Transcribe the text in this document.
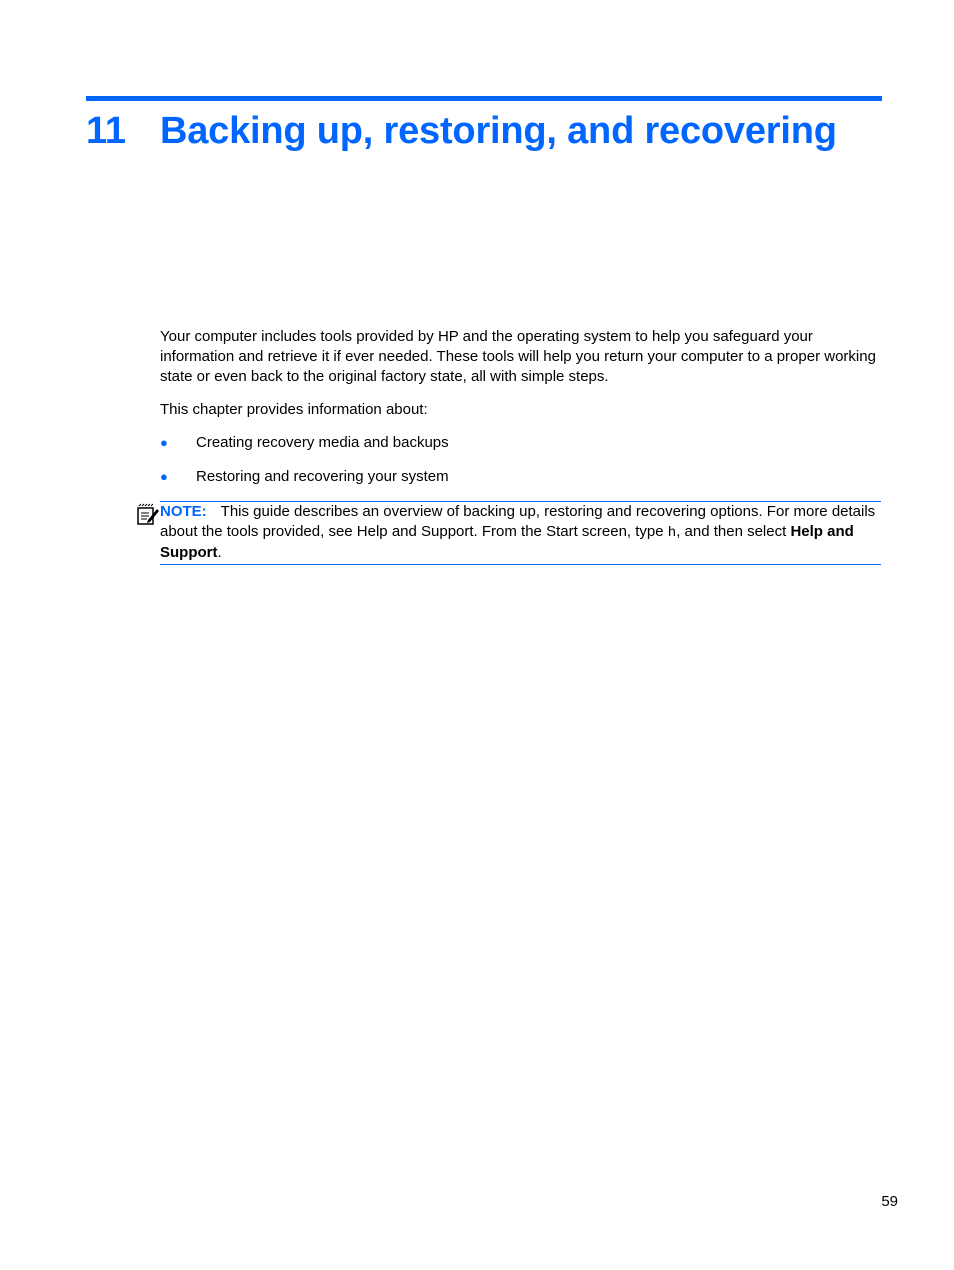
11 Backing up, restoring, and recovering

Your computer includes tools provided by HP and the operating system to help you safeguard your information and retrieve it if ever needed. These tools will help you return your computer to a proper working state or even back to the original factory state, all with simple steps.

This chapter provides information about:

● Creating recovery media and backups
● Restoring and recovering your system
NOTE: This guide describes an overview of backing up, restoring and recovering options. For more details about the tools provided, see Help and Support. From the Start screen, type h, and then select Help and Support.
59
